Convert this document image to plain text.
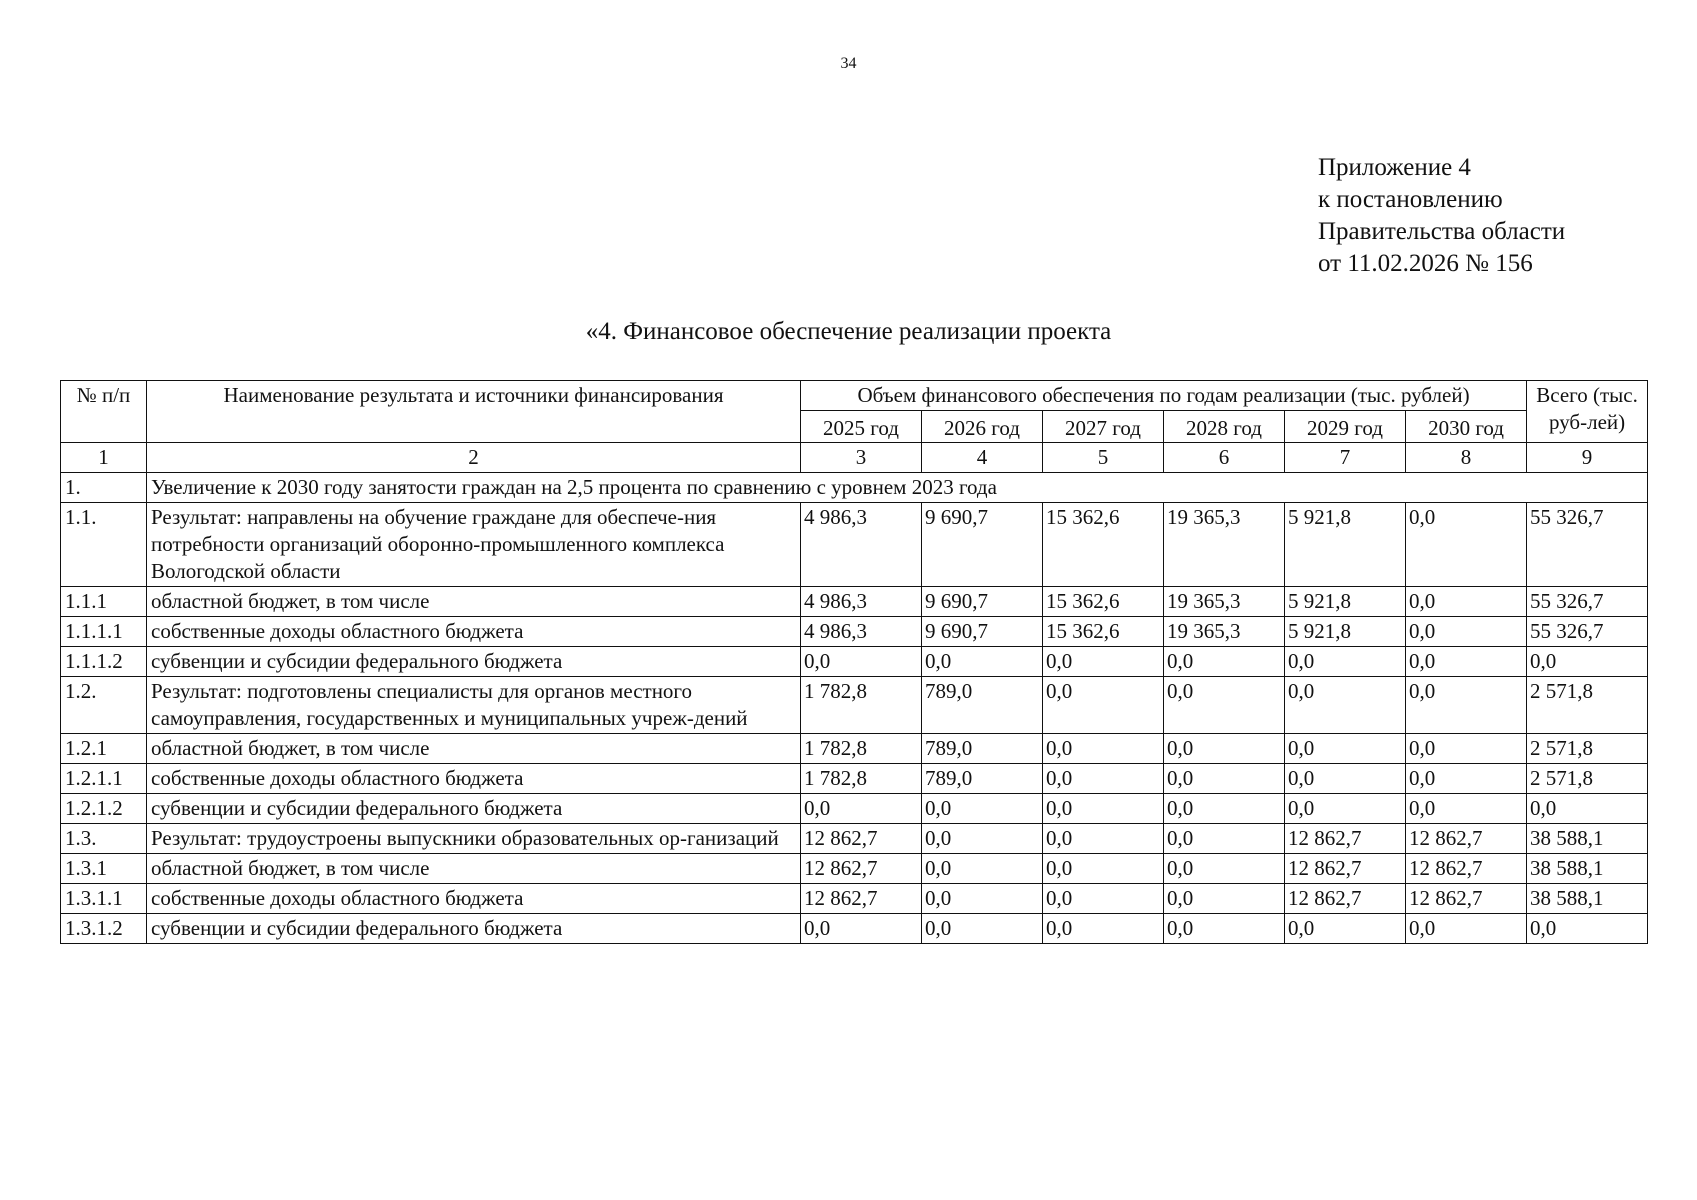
34
Приложение 4
к постановлению
Правительства области
от 11.02.2026 № 156
«4. Финансовое обеспечение реализации проекта
№ п/п	Наименование результата и источники финансирования	Объем финансового обеспечения по годам реализации (тыс. рублей)						Всего (тыс. руб-лей)
		2025 год	2026 год	2027 год	2028 год	2029 год	2030 год	
1	2	3	4	5	6	7	8	9
1.	Увеличение к 2030 году занятости граждан на 2,5 процента по сравнению с уровнем 2023 года							
1.1.	Результат: направлены на обучение граждане для обеспече-ния потребности организаций оборонно-промышленного комплекса Вологодской области	4 986,3	9 690,7	15 362,6	19 365,3	5 921,8	0,0	55 326,7
1.1.1	областной бюджет, в том числе	4 986,3	9 690,7	15 362,6	19 365,3	5 921,8	0,0	55 326,7
1.1.1.1	собственные доходы областного бюджета	4 986,3	9 690,7	15 362,6	19 365,3	5 921,8	0,0	55 326,7
1.1.1.2	субвенции и субсидии федерального бюджета	0,0	0,0	0,0	0,0	0,0	0,0	0,0
1.2.	Результат: подготовлены специалисты для органов местного самоуправления, государственных и муниципальных учреж-дений	1 782,8	789,0	0,0	0,0	0,0	0,0	2 571,8
1.2.1	областной бюджет, в том числе	1 782,8	789,0	0,0	0,0	0,0	0,0	2 571,8
1.2.1.1	собственные доходы областного бюджета	1 782,8	789,0	0,0	0,0	0,0	0,0	2 571,8
1.2.1.2	субвенции и субсидии федерального бюджета	0,0	0,0	0,0	0,0	0,0	0,0	0,0
1.3.	Результат: трудоустроены выпускники образовательных ор-ганизаций	12 862,7	0,0	0,0	0,0	12 862,7	12 862,7	38 588,1
1.3.1	областной бюджет, в том числе	12 862,7	0,0	0,0	0,0	12 862,7	12 862,7	38 588,1
1.3.1.1	собственные доходы областного бюджета	12 862,7	0,0	0,0	0,0	12 862,7	12 862,7	38 588,1
1.3.1.2	субвенции и субсидии федерального бюджета	0,0	0,0	0,0	0,0	0,0	0,0	0,0
